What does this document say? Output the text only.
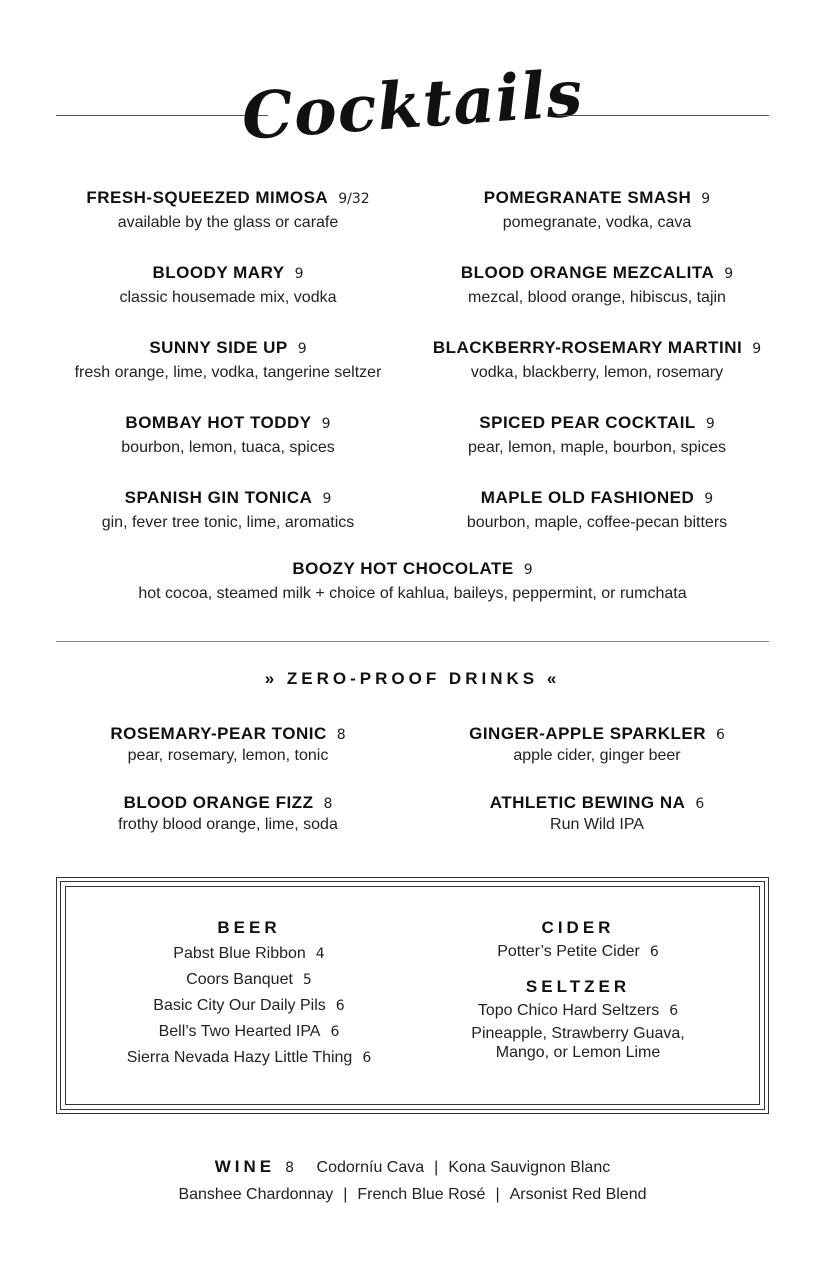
Cocktails
FRESH-SQUEEZED MIMOSA 9/32
available by the glass or carafe
BLOODY MARY 9
classic housemade mix, vodka
SUNNY SIDE UP 9
fresh orange, lime, vodka, tangerine seltzer
BOMBAY HOT TODDY 9
bourbon, lemon, tuaca, spices
SPANISH GIN TONICA 9
gin, fever tree tonic, lime, aromatics
POMEGRANATE SMASH 9
pomegranate, vodka, cava
BLOOD ORANGE MEZCALITA 9
mezcal, blood orange, hibiscus, tajin
BLACKBERRY-ROSEMARY MARTINI 9
vodka, blackberry, lemon, rosemary
SPICED PEAR COCKTAIL 9
pear, lemon, maple, bourbon, spices
MAPLE OLD FASHIONED 9
bourbon, maple, coffee-pecan bitters
BOOZY HOT CHOCOLATE 9
hot cocoa, steamed milk + choice of kahlua, baileys, peppermint, or rumchata
» ZERO-PROOF DRINKS «
ROSEMARY-PEAR TONIC 8
pear, rosemary, lemon, tonic
BLOOD ORANGE FIZZ 8
frothy blood orange, lime, soda
GINGER-APPLE SPARKLER 6
apple cider, ginger beer
ATHLETIC BEWING NA 6
Run Wild IPA
BEER
Pabst Blue Ribbon 4
Coors Banquet 5
Basic City Our Daily Pils 6
Bell’s Two Hearted IPA 6
Sierra Nevada Hazy Little Thing 6
CIDER
Potter’s Petite Cider 6
SELTZER
Topo Chico Hard Seltzers 6
Pineapple, Strawberry Guava,
Mango, or Lemon Lime
WINE 8 Codorníu Cava | Kona Sauvignon Blanc
Banshee Chardonnay | French Blue Rosé | Arsonist Red Blend
